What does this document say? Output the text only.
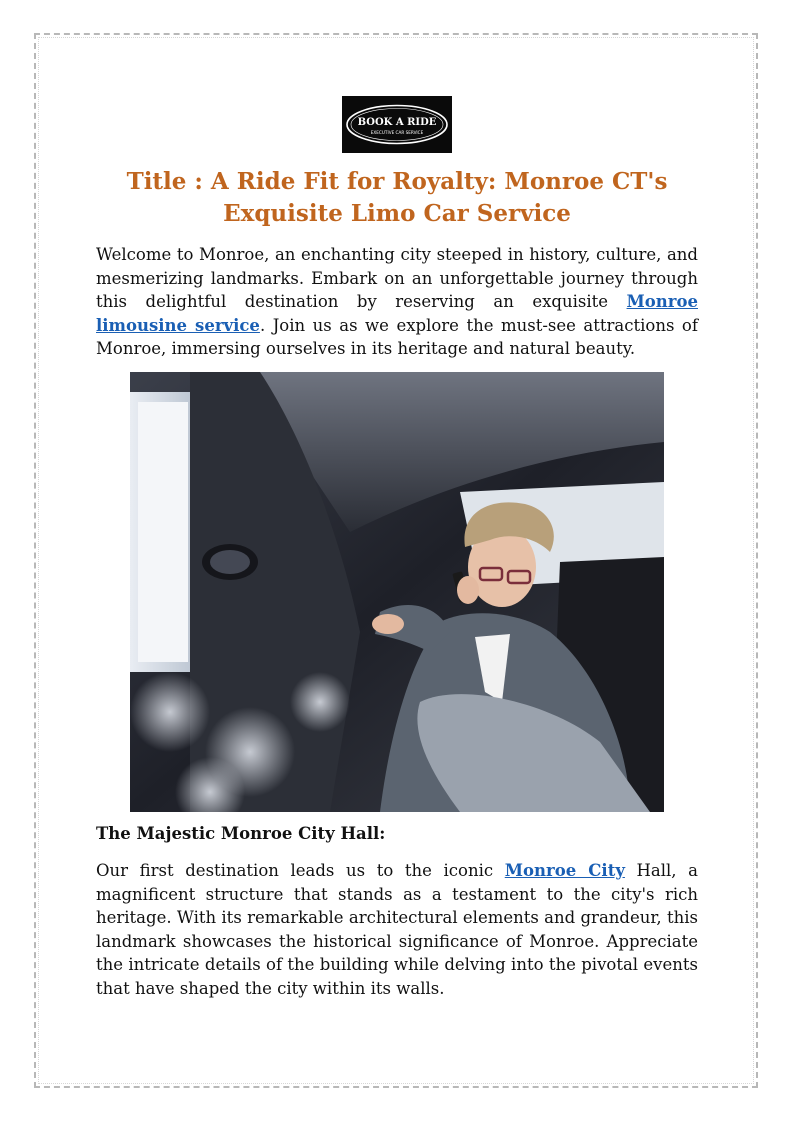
BOOK A RIDE
EXECUTIVE CAR SERVICE
Title : A Ride Fit for Royalty: Monroe CT's
Exquisite Limo Car Service

Welcome to Monroe, an enchanting city steeped in history, culture, and mesmerizing landmarks. Embark on an unforgettable journey through this delightful destination by reserving an exquisite Monroe limousine service. Join us as we explore the must-see attractions of Monroe, immersing ourselves in its heritage and natural beauty.

The Majestic Monroe City Hall:

Our first destination leads us to the iconic Monroe City Hall, a magnificent structure that stands as a testament to the city's rich heritage. With its remarkable architectural elements and grandeur, this landmark showcases the historical significance of Monroe. Appreciate the intricate details of the building while delving into the pivotal events that have shaped the city within its walls.
